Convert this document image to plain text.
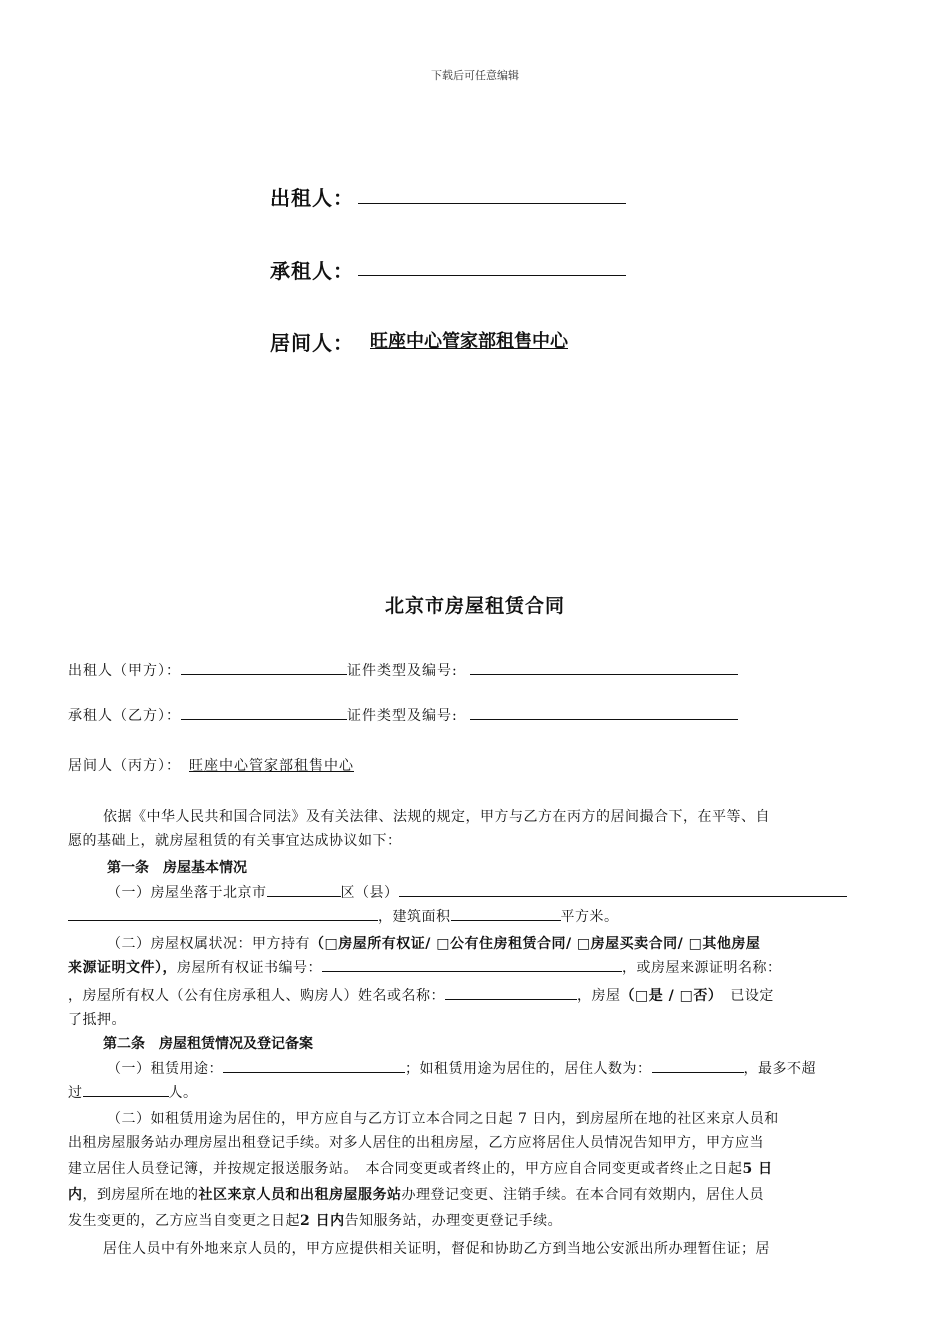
下载后可任意编辑
出租人：
承租人：
居间人： 旺座中心管家部租售中心
北京市房屋租赁合同
出租人（甲方）：	证件类型及编号:
承租人（乙方）：	证件类型及编号:
居间人（丙方）： 旺座中心管家部租售中心
依据《中华人民共和国合同法》及有关法律、法规的规定，甲方与乙方在丙方的居间撮合下，在平等、自
愿的基础上，就房屋租赁的有关事宜达成协议如下：
第一条　房屋基本情况
（一）房屋坐落于北京市	区（县）
，建筑面积	平方米。
（二）房屋权属状况：甲方持有（□房屋所有权证/ □公有住房租赁合同/ □房屋买卖合同/ □其他房屋
来源证明文件），房屋所有权证书编号：	，或房屋来源证明名称：
，房屋所有权人（公有住房承租人、购房人）姓名或名称：	，房屋（□是 / □否） 已设定
了抵押。
第二条　房屋租赁情况及登记备案
（一）租赁用途：	；如租赁用途为居住的，居住人数为：	，最多不超
过	人。
（二）如租赁用途为居住的，甲方应自与乙方订立本合同之日起 7 日内，到房屋所在地的社区来京人员和
出租房屋服务站办理房屋出租登记手续。对多人居住的出租房屋，乙方应将居住人员情况告知甲方，甲方应当
建立居住人员登记簿，并按规定报送服务站。　本合同变更或者终止的，甲方应自合同变更或者终止之日起5 日
内，到房屋所在地的社区来京人员和出租房屋服务站办理登记变更、注销手续。在本合同有效期内，居住人员
发生变更的，乙方应当自变更之日起2 日内告知服务站，办理变更登记手续。
居住人员中有外地来京人员的，甲方应提供相关证明，督促和协助乙方到当地公安派出所办理暂住证；居
